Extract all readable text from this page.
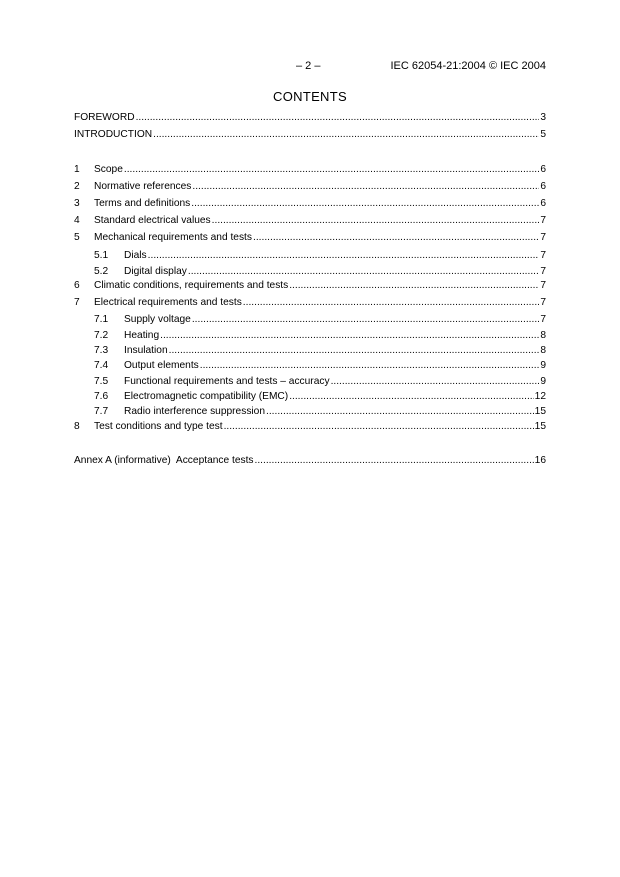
– 2 –	IEC 62054-21:2004 © IEC 2004
CONTENTS
FOREWORD .....	3
INTRODUCTION .....	5
1	Scope .....	6
2	Normative references .....	6
3	Terms and definitions .....	6
4	Standard electrical values .....	7
5	Mechanical requirements and tests .....	7
5.1	Dials .....	7
5.2	Digital display .....	7
6	Climatic conditions, requirements and tests .....	7
7	Electrical requirements and tests .....	7
7.1	Supply voltage .....	7
7.2	Heating .....	8
7.3	Insulation .....	8
7.4	Output elements .....	9
7.5	Functional requirements and tests – accuracy .....	9
7.6	Electromagnetic compatibility (EMC) .....	12
7.7	Radio interference suppression .....	15
8	Test conditions and type test .....	15
Annex A (informative)  Acceptance tests .....	16
